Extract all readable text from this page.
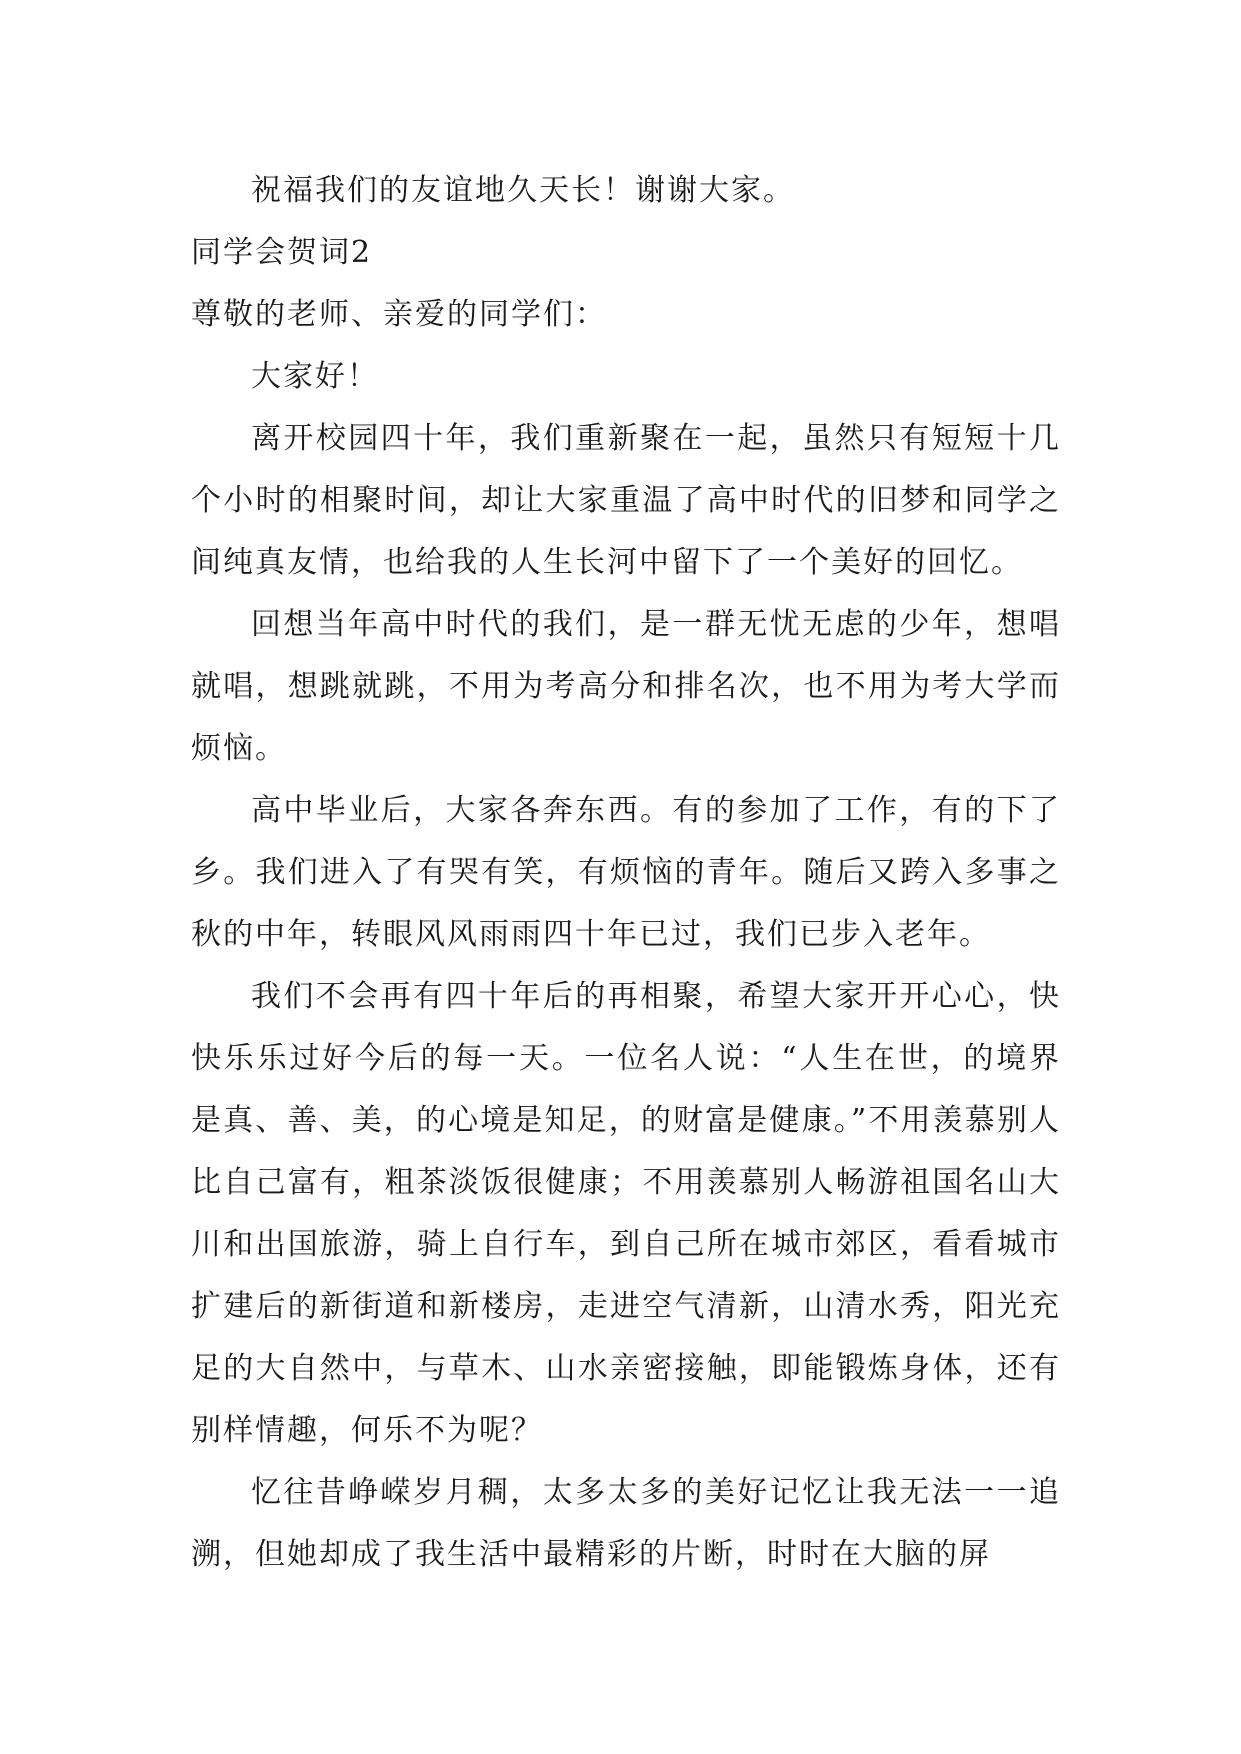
祝福我们的友谊地久天长！谢谢大家。

同学会贺词2

尊敬的老师、亲爱的同学们：

大家好！

离开校园四十年，我们重新聚在一起，虽然只有短短十几个小时的相聚时间，却让大家重温了高中时代的旧梦和同学之间纯真友情，也给我的人生长河中留下了一个美好的回忆。

回想当年高中时代的我们，是一群无忧无虑的少年，想唱就唱，想跳就跳，不用为考高分和排名次，也不用为考大学而烦恼。

高中毕业后，大家各奔东西。有的参加了工作，有的下了乡。我们进入了有哭有笑，有烦恼的青年。随后又跨入多事之秋的中年，转眼风风雨雨四十年已过，我们已步入老年。

我们不会再有四十年后的再相聚，希望大家开开心心，快快乐乐过好今后的每一天。一位名人说：“人生在世，的境界是真、善、美，的心境是知足，的财富是健康。”不用羡慕别人比自己富有，粗茶淡饭很健康；不用羡慕别人畅游祖国名山大川和出国旅游，骑上自行车，到自己所在城市郊区，看看城市扩建后的新街道和新楼房，走进空气清新，山清水秀，阳光充足的大自然中，与草木、山水亲密接触，即能锻炼身体，还有别样情趣，何乐不为呢？

忆往昔峥嵘岁月稠，太多太多的美好记忆让我无法一一追溯，但她却成了我生活中最精彩的片断，时时在大脑的屏
